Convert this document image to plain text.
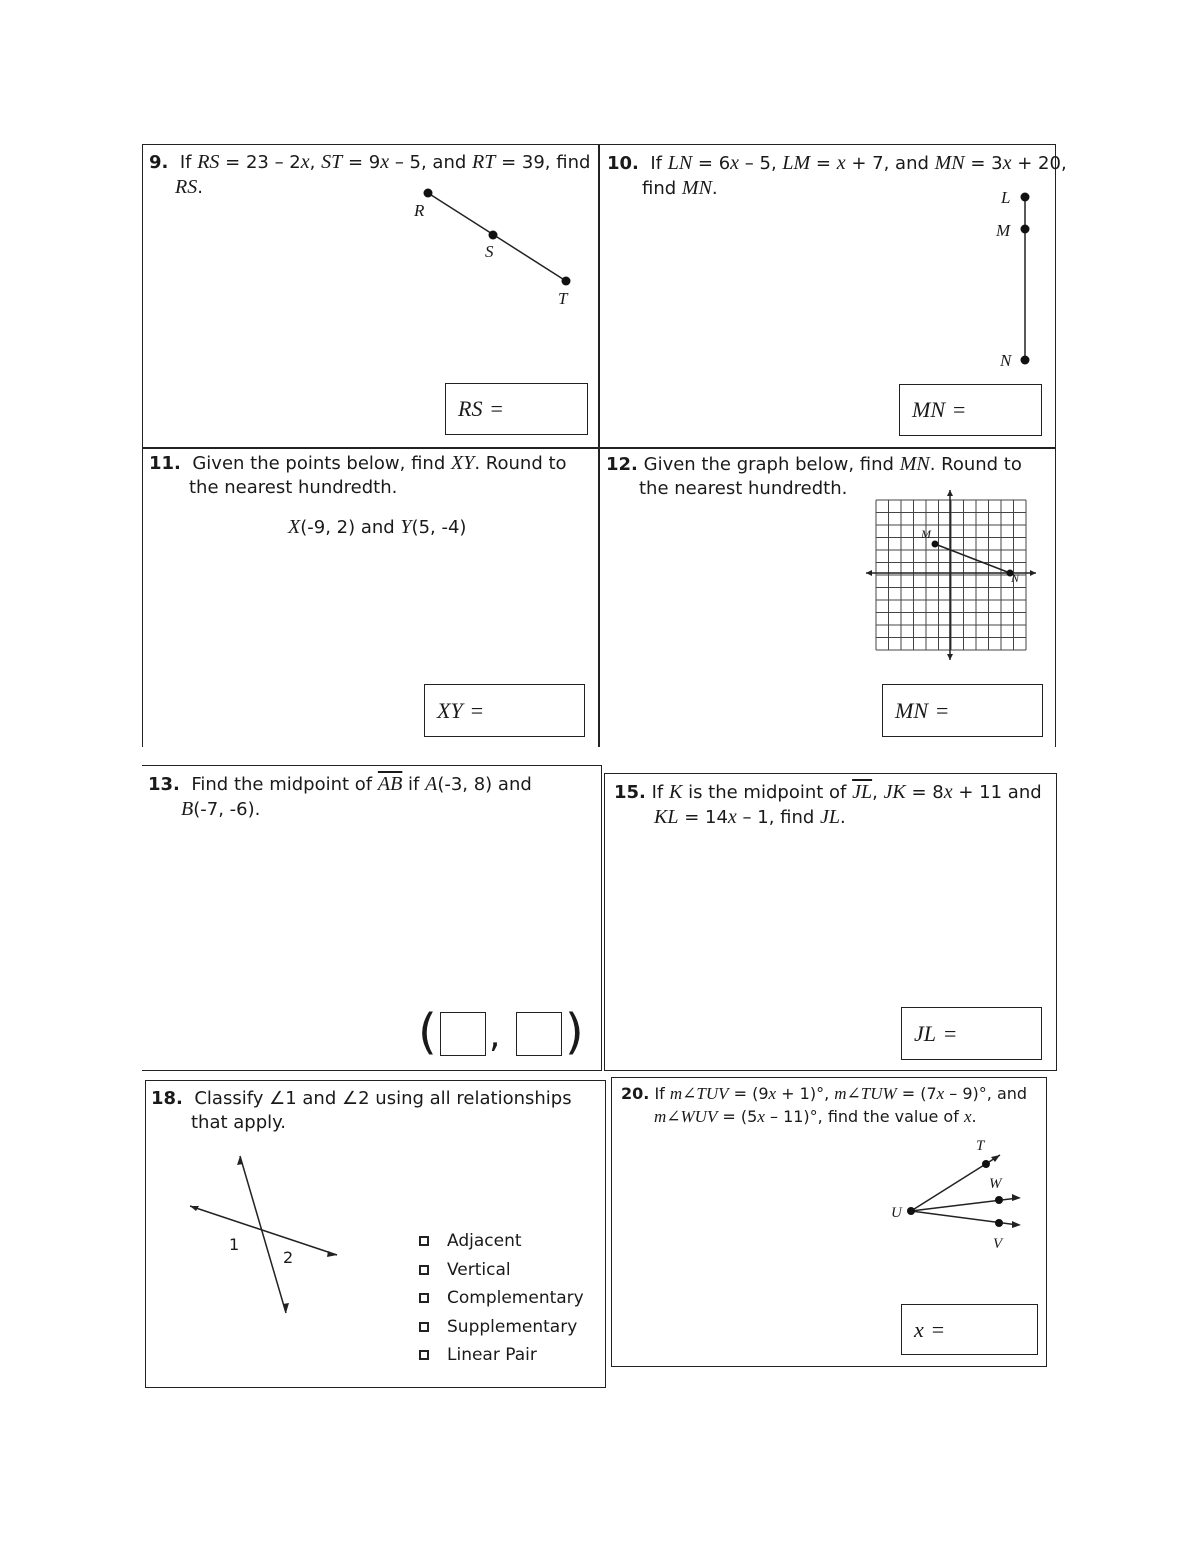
9. If RS = 23 – 2x, ST = 9x – 5, and RT = 39, find
RS.
R
S
T
RS =
10. If LN = 6x – 5, LM = x + 7, and MN = 3x + 20,
find MN.	L
M
N
MN =
11. Given the points below, find XY. Round to
the nearest hundredth.
X(-9, 2) and Y(5, -4)
XY =
12. Given the graph below, find MN. Round to
the nearest hundredth.
M
N
MN =
13. Find the midpoint of $\overline{AB}$ if A(-3, 8) and
B(-7, -6).
( , )
15. If K is the midpoint of $\overline{JL}$, JK = 8x + 11 and
KL = 14x – 1, find JL.
JL =
18. Classify ∠1 and ∠2 using all relationships
that apply.
1
2
Adjacent
Vertical
Complementary
Supplementary
Linear Pair
20. If m∠TUV = (9x + 1)°, m∠TUW = (7x – 9)°, and
m∠WUV = (5x – 11)°, find the value of x.
T
W
U
V
x =
